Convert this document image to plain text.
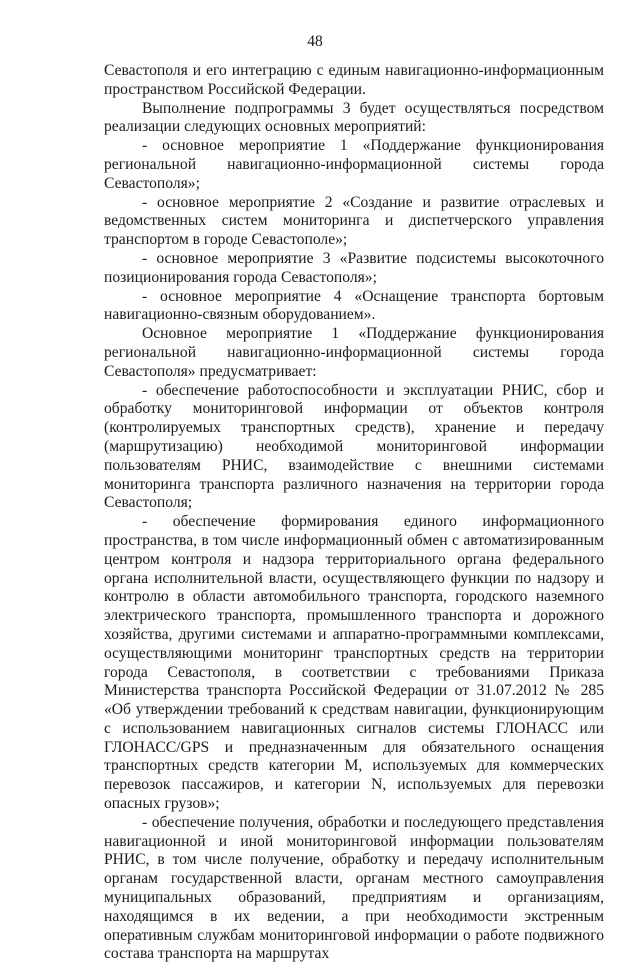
48

Севастополя и его интеграцию с единым навигационно-информационным пространством Российской Федерации.

Выполнение подпрограммы 3 будет осуществляться посредством реализации следующих основных мероприятий:

- основное мероприятие 1 «Поддержание функционирования региональной навигационно-информационной системы города Севастополя»;

- основное мероприятие 2 «Создание и развитие отраслевых и ведомственных систем мониторинга и диспетчерского управления транспортом в городе Севастополе»;

- основное мероприятие 3 «Развитие подсистемы высокоточного позиционирования города Севастополя»;

- основное мероприятие 4 «Оснащение транспорта бортовым навигационно-связным оборудованием».

Основное мероприятие 1 «Поддержание функционирования региональной навигационно-информационной системы города Севастополя» предусматривает:

- обеспечение работоспособности и эксплуатации РНИС, сбор и обработку мониторинговой информации от объектов контроля (контролируемых транспортных средств), хранение и передачу (маршрутизацию) необходимой мониторинговой информации пользователям РНИС, взаимодействие с внешними системами мониторинга транспорта различного назначения на территории города Севастополя;

- обеспечение формирования единого информационного пространства, в том числе информационный обмен с автоматизированным центром контроля и надзора территориального органа федерального органа исполнительной власти, осуществляющего функции по надзору и контролю в области автомобильного транспорта, городского наземного электрического транспорта, промышленного транспорта и дорожного хозяйства, другими системами и аппаратно-программными комплексами, осуществляющими мониторинг транспортных средств на территории города Севастополя, в соответствии с требованиями Приказа Министерства транспорта Российской Федерации от 31.07.2012 № 285 «Об утверждении требований к средствам навигации, функционирующим с использованием навигационных сигналов системы ГЛОНАСС или ГЛОНАСС/GPS и предназначенным для обязательного оснащения транспортных средств категории М, используемых для коммерческих перевозок пассажиров, и категории N, используемых для перевозки опасных грузов»;

- обеспечение получения, обработки и последующего представления навигационной и иной мониторинговой информации пользователям РНИС, в том числе получение, обработку и передачу исполнительным органам государственной власти, органам местного самоуправления муниципальных образований, предприятиям и организациям, находящимся в их ведении, а при необходимости экстренным оперативным службам мониторинговой информации о работе подвижного состава транспорта на маршрутах
